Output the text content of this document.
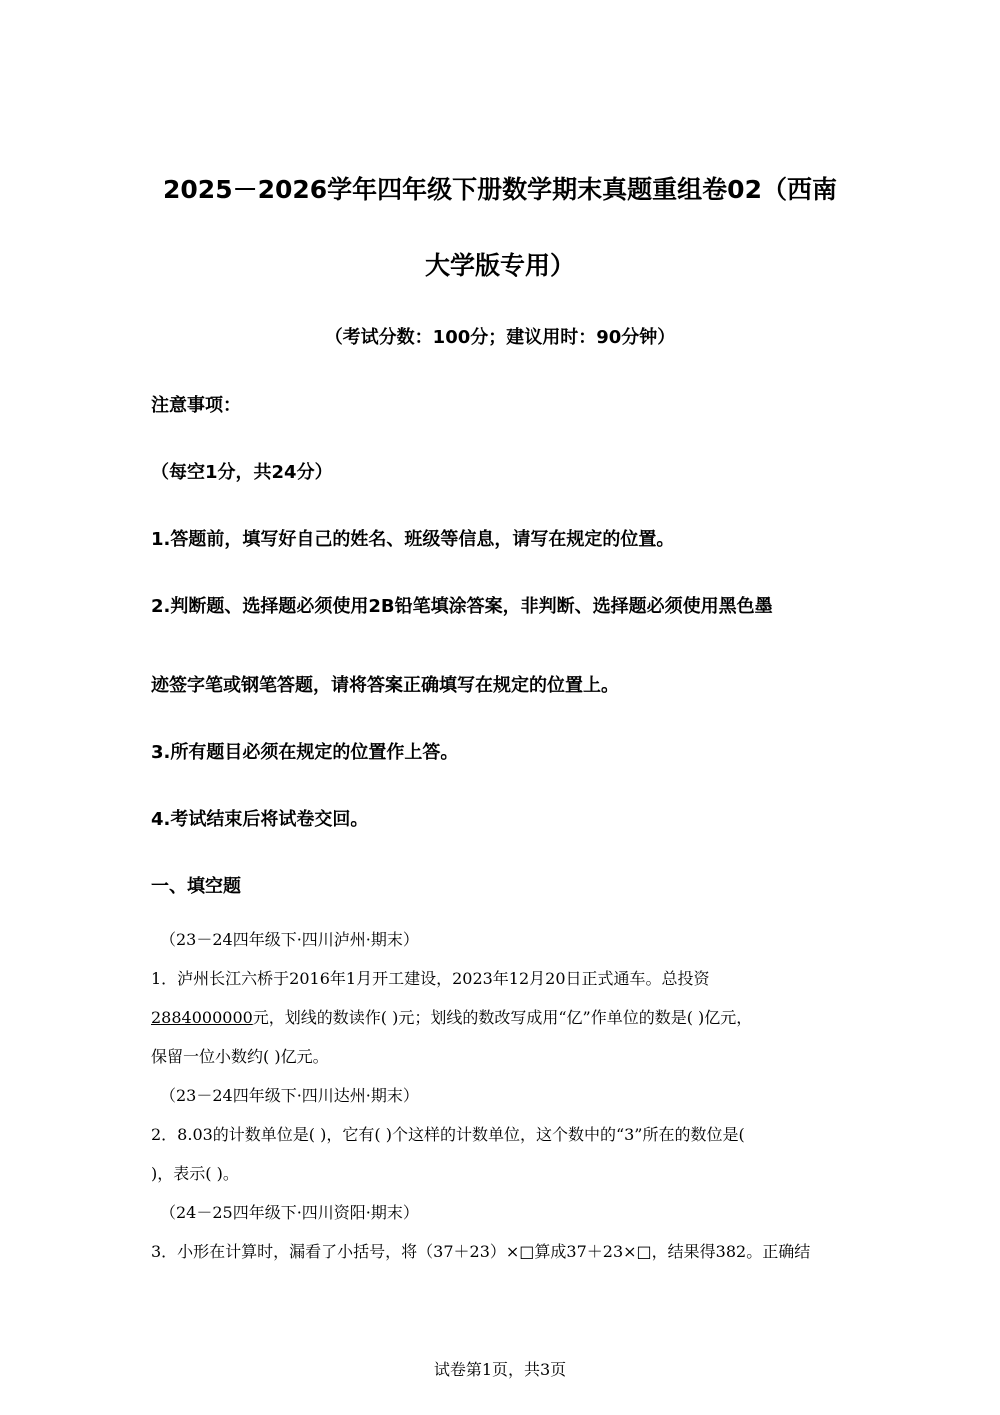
2025－2026学年四年级下册数学期末真题重组卷02（西南
大学版专用）
（考试分数：100分；建议用时：90分钟）
注意事项：
（每空1分，共24分）
1.答题前，填写好自己的姓名、班级等信息，请写在规定的位置。
2.判断题、选择题必须使用2B铅笔填涂答案，非判断、选择题必须使用黑色墨
迹签字笔或钢笔答题，请将答案正确填写在规定的位置上。
3.所有题目必须在规定的位置作上答。
4.考试结束后将试卷交回。
一、填空题
（23－24四年级下·四川泸州·期末）
1．泸州长江六桥于2016年1月开工建设，2023年12月20日正式通车。总投资
2884000000元，划线的数读作( )元；划线的数改写成用“亿”作单位的数是( )亿元，
保留一位小数约( )亿元。
（23－24四年级下·四川达州·期末）
2．8.03的计数单位是( )，它有( )个这样的计数单位，这个数中的“3”所在的数位是(
)，表示( )。
（24－25四年级下·四川资阳·期末）
3．小形在计算时，漏看了小括号，将（37＋23）×□算成37＋23×□，结果得382。正确结
试卷第1页，共3页
